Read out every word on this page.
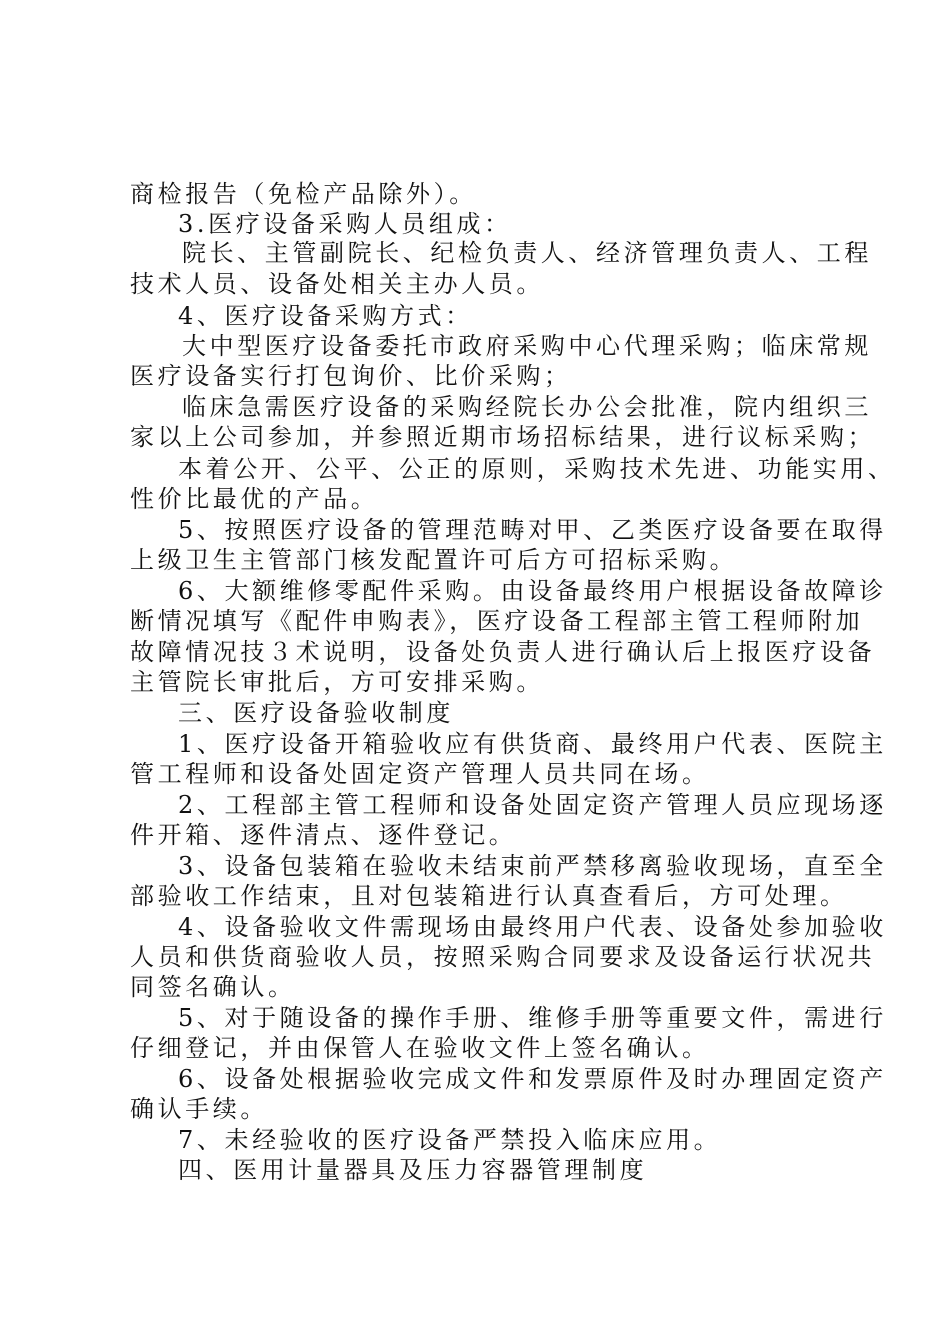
商检报告（免检产品除外）。
3.医疗设备采购人员组成：
院长、主管副院长、纪检负责人、经济管理负责人、工程
技术人员、设备处相关主办人员。
4、医疗设备采购方式：
大中型医疗设备委托市政府采购中心代理采购；临床常规
医疗设备实行打包询价、比价采购；
临床急需医疗设备的采购经院长办公会批准，院内组织三
家以上公司参加，并参照近期市场招标结果，进行议标采购；
本着公开、公平、公正的原则，采购技术先进、功能实用、
性价比最优的产品。
5、按照医疗设备的管理范畴对甲、乙类医疗设备要在取得
上级卫生主管部门核发配置许可后方可招标采购。
6、大额维修零配件采购。由设备最终用户根据设备故障诊
断情况填写《配件申购表》，医疗设备工程部主管工程师附加
故障情况技３术说明，设备处负责人进行确认后上报医疗设备
主管院长审批后，方可安排采购。
三、医疗设备验收制度
1、医疗设备开箱验收应有供货商、最终用户代表、医院主
管工程师和设备处固定资产管理人员共同在场。
2、工程部主管工程师和设备处固定资产管理人员应现场逐
件开箱、逐件清点、逐件登记。
3、设备包装箱在验收未结束前严禁移离验收现场，直至全
部验收工作结束，且对包装箱进行认真查看后，方可处理。
4、设备验收文件需现场由最终用户代表、设备处参加验收
人员和供货商验收人员，按照采购合同要求及设备运行状况共
同签名确认。
5、对于随设备的操作手册、维修手册等重要文件，需进行
仔细登记，并由保管人在验收文件上签名确认。
6、设备处根据验收完成文件和发票原件及时办理固定资产
确认手续。
7、未经验收的医疗设备严禁投入临床应用。
四、医用计量器具及压力容器管理制度
